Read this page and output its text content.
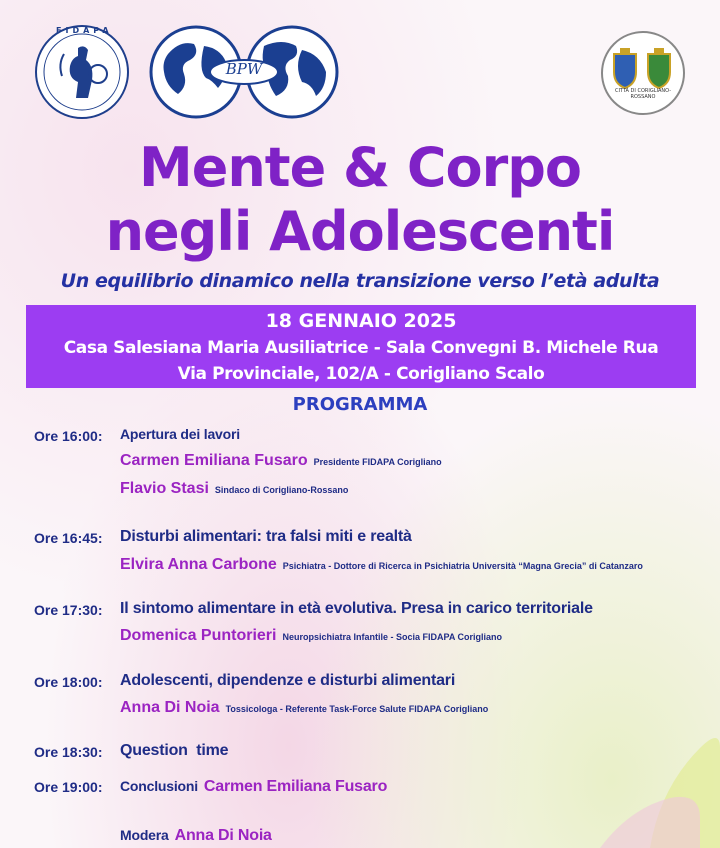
FIDAPA
BPW
CITTÀ DI CORIGLIANO-ROSSANO
Mente & Corpo
negli Adolescenti
Un equilibrio dinamico nella transizione verso l’età adulta
18 GENNAIO 2025
Casa Salesiana Maria Ausiliatrice - Sala Convegni B. Michele Rua
Via Provinciale, 102/A - Corigliano Scalo
PROGRAMMA
Ore 16:00: Apertura dei lavori
Carmen Emiliana Fusaro Presidente FIDAPA Corigliano
Flavio Stasi Sindaco di Corigliano-Rossano
Ore 16:45: Disturbi alimentari: tra falsi miti e realtà
Elvira Anna Carbone Psichiatra - Dottore di Ricerca in Psichiatria Università “Magna Grecia” di Catanzaro
Ore 17:30: Il sintomo alimentare in età evolutiva. Presa in carico territoriale
Domenica Puntorieri Neuropsichiatra Infantile - Socia FIDAPA Corigliano
Ore 18:00: Adolescenti, dipendenze e disturbi alimentari
Anna Di Noia Tossicologa - Referente Task-Force Salute FIDAPA Corigliano
Ore 18:30: Question  time
Ore 19:00: Conclusioni Carmen Emiliana Fusaro
Modera Anna Di Noia
